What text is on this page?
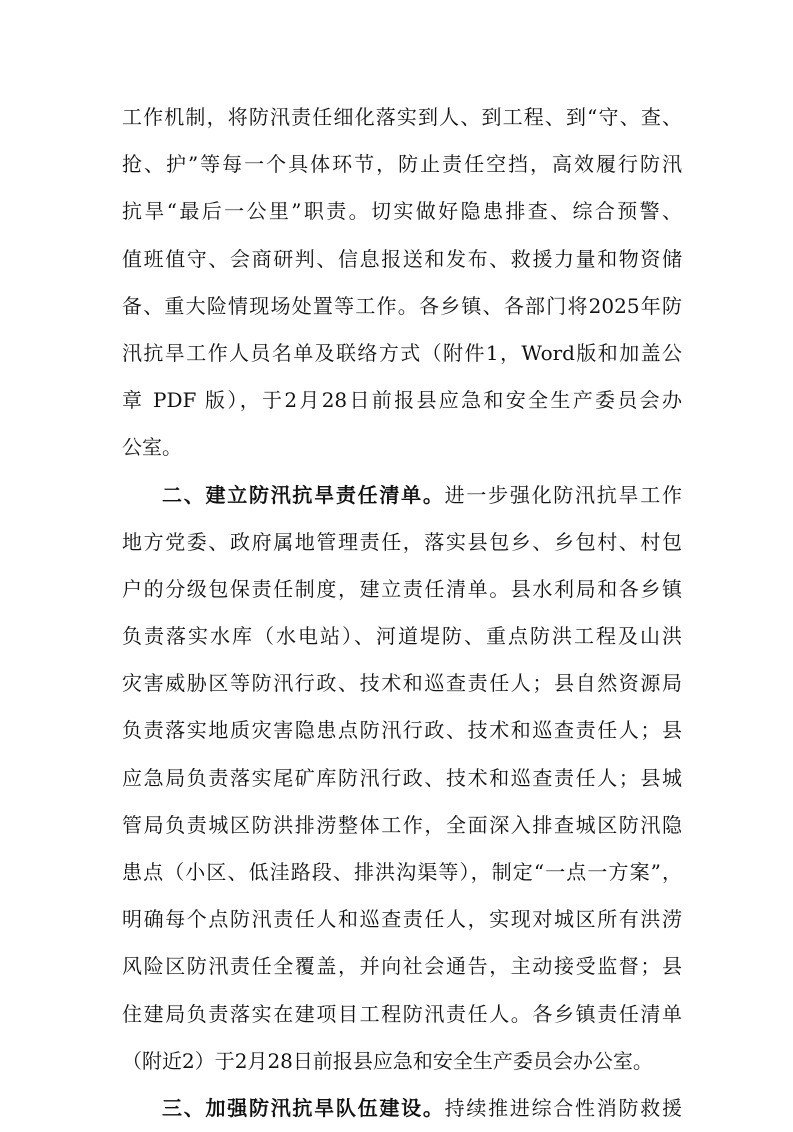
工作机制，将防汛责任细化落实到人、到工程、到“守、查、
抢、护”等每一个具体环节，防止责任空挡，高效履行防汛
抗旱“最后一公里”职责。切实做好隐患排查、综合预警、
值班值守、会商研判、信息报送和发布、救援力量和物资储
备、重大险情现场处置等工作。各乡镇、各部门将2025年防
汛抗旱工作人员名单及联络方式（附件1，Word版和加盖公
章 PDF 版），于2月28日前报县应急和安全生产委员会办
公室。
二、建立防汛抗旱责任清单。进一步强化防汛抗旱工作
地方党委、政府属地管理责任，落实县包乡、乡包村、村包
户的分级包保责任制度，建立责任清单。县水利局和各乡镇
负责落实水库（水电站）、河道堤防、重点防洪工程及山洪
灾害威胁区等防汛行政、技术和巡查责任人；县自然资源局
负责落实地质灾害隐患点防汛行政、技术和巡查责任人；县
应急局负责落实尾矿库防汛行政、技术和巡查责任人；县城
管局负责城区防洪排涝整体工作，全面深入排查城区防汛隐
患点（小区、低洼路段、排洪沟渠等），制定“一点一方案”，
明确每个点防汛责任人和巡查责任人，实现对城区所有洪涝
风险区防汛责任全覆盖，并向社会通告，主动接受监督；县
住建局负责落实在建项目工程防汛责任人。各乡镇责任清单
（附近2）于2月28日前报县应急和安全生产委员会办公室。
三、加强防汛抗旱队伍建设。持续推进综合性消防救援
